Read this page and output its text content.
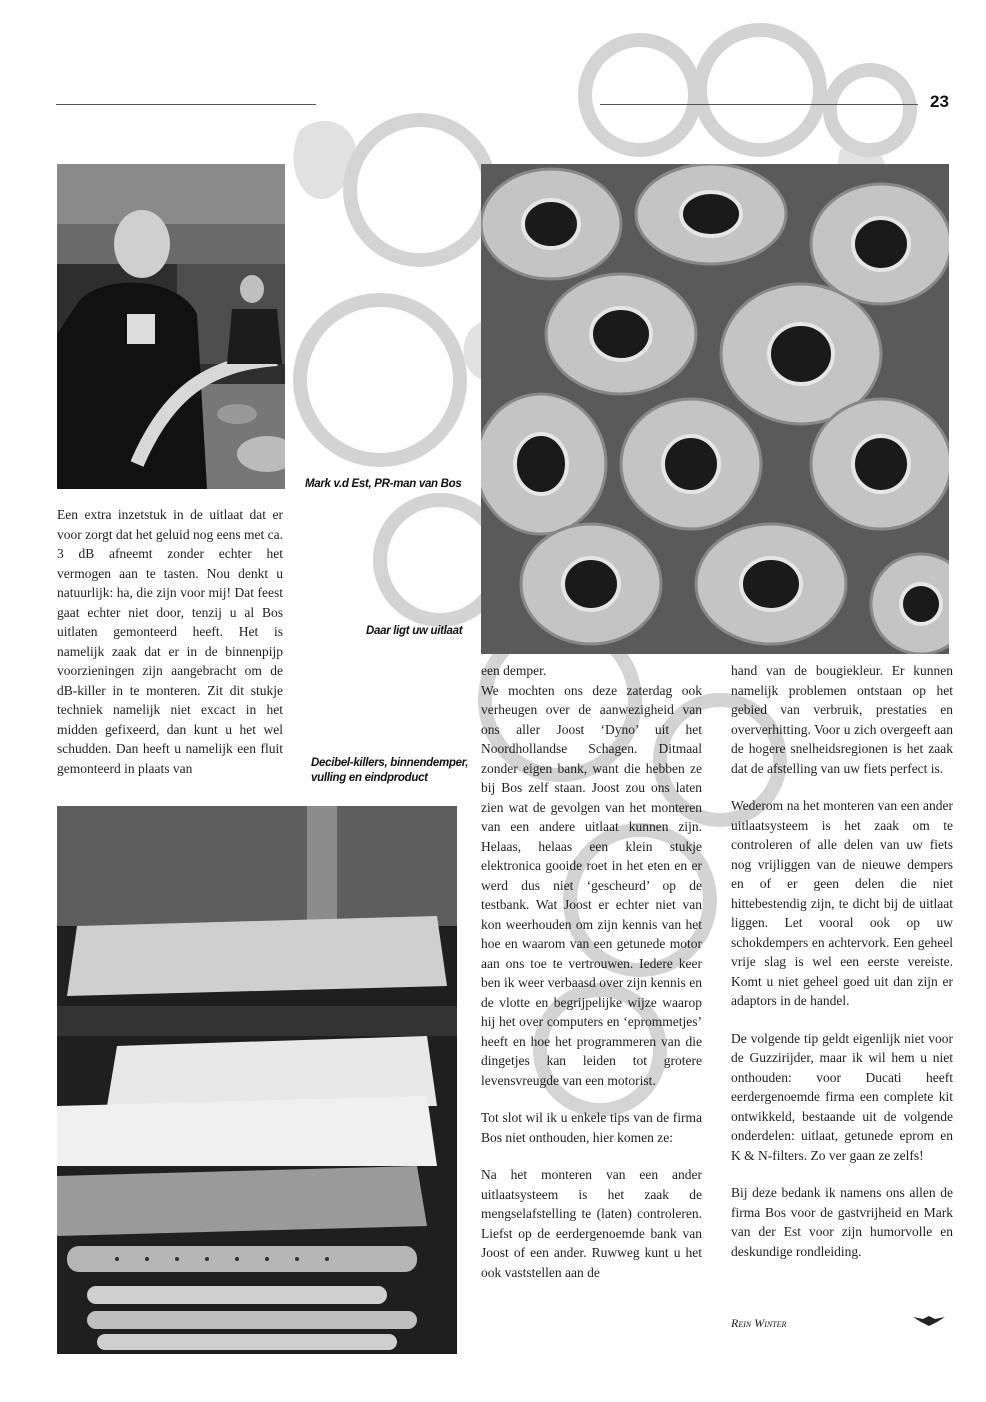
23
Mark v.d Est, PR-man van Bos
Daar ligt uw uitlaat
Decibel-killers, binnendemper,
vulling en eindproduct

Een extra inzetstuk in de uitlaat dat er voor zorgt dat het geluid nog eens met ca. 3 dB afneemt zonder echter het vermogen aan te tasten. Nou denkt u natuurlijk: ha, die zijn voor mij! Dat feest gaat echter niet door, tenzij u al Bos uitlaten gemonteerd heeft. Het is namelijk zaak dat er in de binnenpijp voorzieningen zijn aangebracht om de dB-killer in te monteren. Zit dit stukje techniek namelijk niet excact in het midden gefixeerd, dan kunt u het wel schudden. Dan heeft u namelijk een fluit gemonteerd in plaats van

een demper.

We mochten ons deze zaterdag ook verheugen over de aanwezigheid van ons aller Joost ‘Dyno’ uit het Noordhollandse Schagen. Ditmaal zonder eigen bank, want die hebben ze bij Bos zelf staan. Joost zou ons laten zien wat de gevolgen van het monteren van een andere uitlaat kunnen zijn. Helaas, helaas een klein stukje elektronica gooide roet in het eten en er werd dus niet ‘gescheurd’ op de testbank. Wat Joost er echter niet van kon weerhouden om zijn kennis van het hoe en waarom van een getunede motor aan ons toe te vertrouwen. Iedere keer ben ik weer verbaasd over zijn kennis en de vlotte en begrijpelijke wijze waarop hij het over computers en ‘eprommetjes’ heeft en hoe het programmeren van die dingetjes kan leiden tot grotere levensvreugde van een motorist.

Tot slot wil ik u enkele tips van de firma Bos niet onthouden, hier komen ze:

Na het monteren van een ander uitlaatsysteem is het zaak de mengselafstelling te (laten) controleren. Liefst op de eerdergenoemde bank van Joost of een ander. Ruwweg kunt u het ook vaststellen aan de

hand van de bougiekleur. Er kunnen namelijk problemen ontstaan op het gebied van verbruik, prestaties en oververhitting. Voor u zich overgeeft aan de hogere snelheidsregionen is het zaak dat de afstelling van uw fiets perfect is.

Wederom na het monteren van een ander uitlaatsysteem is het zaak om te controleren of alle delen van uw fiets nog vrijliggen van de nieuwe dempers en of er geen delen die niet hittebestendig zijn, te dicht bij de uitlaat liggen. Let vooral ook op uw schokdempers en achtervork. Een geheel vrije slag is wel een eerste vereiste. Komt u niet geheel goed uit dan zijn er adaptors in de handel.

De volgende tip geldt eigenlijk niet voor de Guzzirijder, maar ik wil hem u niet onthouden: voor Ducati heeft eerdergenoemde firma een complete kit ontwikkeld, bestaande uit de volgende onderdelen: uitlaat, getunede eprom en K & N-filters. Zo ver gaan ze zelfs!

Bij deze bedank ik namens ons allen de firma Bos voor de gastvrijheid en Mark van der Est voor zijn humorvolle en deskundige rondleiding.

Rein Winter
